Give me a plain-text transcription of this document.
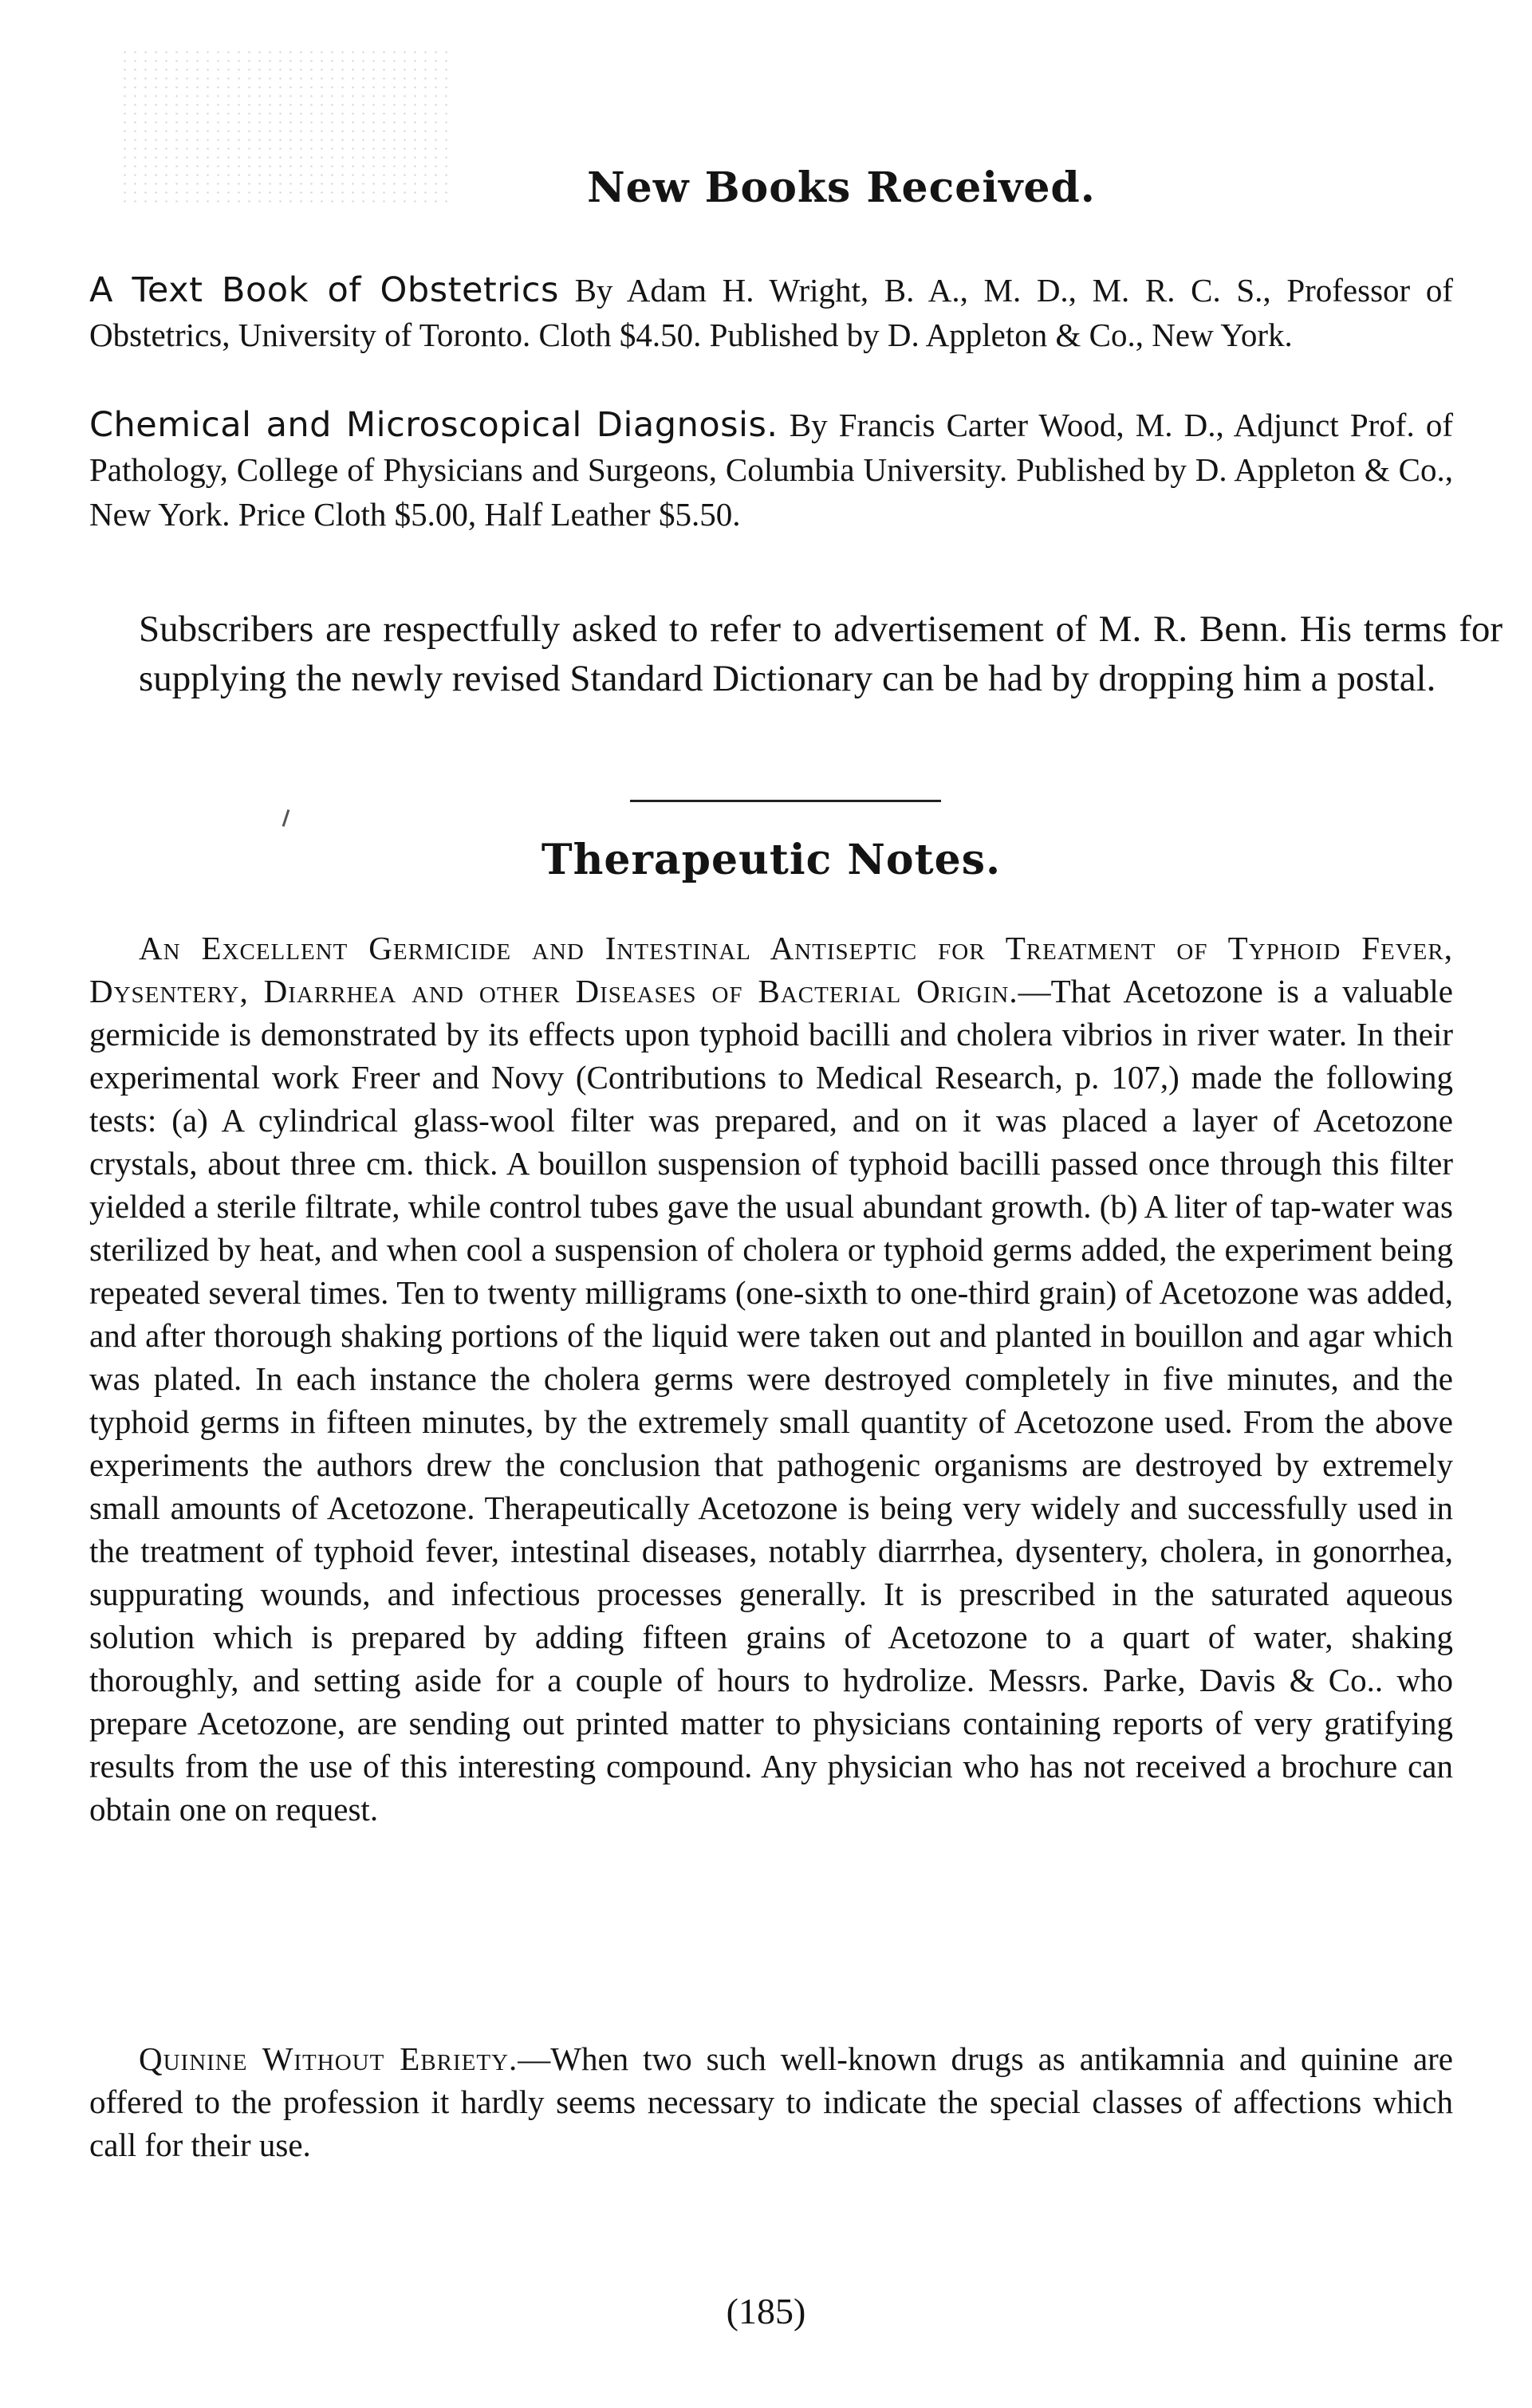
New Books Received.
A Text Book of Obstetrics By Adam H. Wright, B. A., M. D., M. R. C. S., Professor of Obstetrics, University of Toronto. Cloth $4.50. Published by D. Appleton & Co., New York.
Chemical and Microscopical Diagnosis. By Francis Carter Wood, M. D., Adjunct Prof. of Pathology, College of Physicians and Surgeons, Columbia University. Published by D. Appleton & Co., New York. Price Cloth $5.00, Half Leather $5.50.
Subscribers are respectfully asked to refer to advertisement of M. R. Benn. His terms for supplying the newly revised Standard Dictionary can be had by dropping him a postal.
Therapeutic Notes.
An Excellent Germicide and Intestinal Antiseptic for Treatment of Typhoid Fever, Dysentery, Diarrhea and other Diseases of Bacterial Origin.—That Acetozone is a valuable germicide is demonstrated by its effects upon typhoid bacilli and cholera vibrios in river water. In their experimental work Freer and Novy (Contributions to Medical Research, p. 107,) made the following tests: (a) A cylindrical glass-wool filter was prepared, and on it was placed a layer of Acetozone crystals, about three cm. thick. A bouillon suspension of typhoid bacilli passed once through this filter yielded a sterile filtrate, while control tubes gave the usual abundant growth. (b) A liter of tap-water was sterilized by heat, and when cool a suspension of cholera or typhoid germs added, the experiment being repeated several times. Ten to twenty milligrams (one-sixth to one-third grain) of Acetozone was added, and after thorough shaking portions of the liquid were taken out and planted in bouillon and agar which was plated. In each instance the cholera germs were destroyed completely in five minutes, and the typhoid germs in fifteen minutes, by the extremely small quantity of Acetozone used. From the above experiments the authors drew the conclusion that pathogenic organisms are destroyed by extremely small amounts of Acetozone. Therapeutically Acetozone is being very widely and successfully used in the treatment of typhoid fever, intestinal diseases, notably diarrrhea, dysentery, cholera, in gonorrhea, suppurating wounds, and infectious processes generally. It is prescribed in the saturated aqueous solution which is prepared by adding fifteen grains of Acetozone to a quart of water, shaking thoroughly, and setting aside for a couple of hours to hydrolize. Messrs. Parke, Davis & Co.. who prepare Acetozone, are sending out printed matter to physicians containing reports of very gratifying results from the use of this interesting compound. Any physician who has not received a brochure can obtain one on request.
Quinine Without Ebriety.—When two such well-known drugs as antikamnia and quinine are offered to the profession it hardly seems necessary to indicate the special classes of affections which call for their use.
(185)
